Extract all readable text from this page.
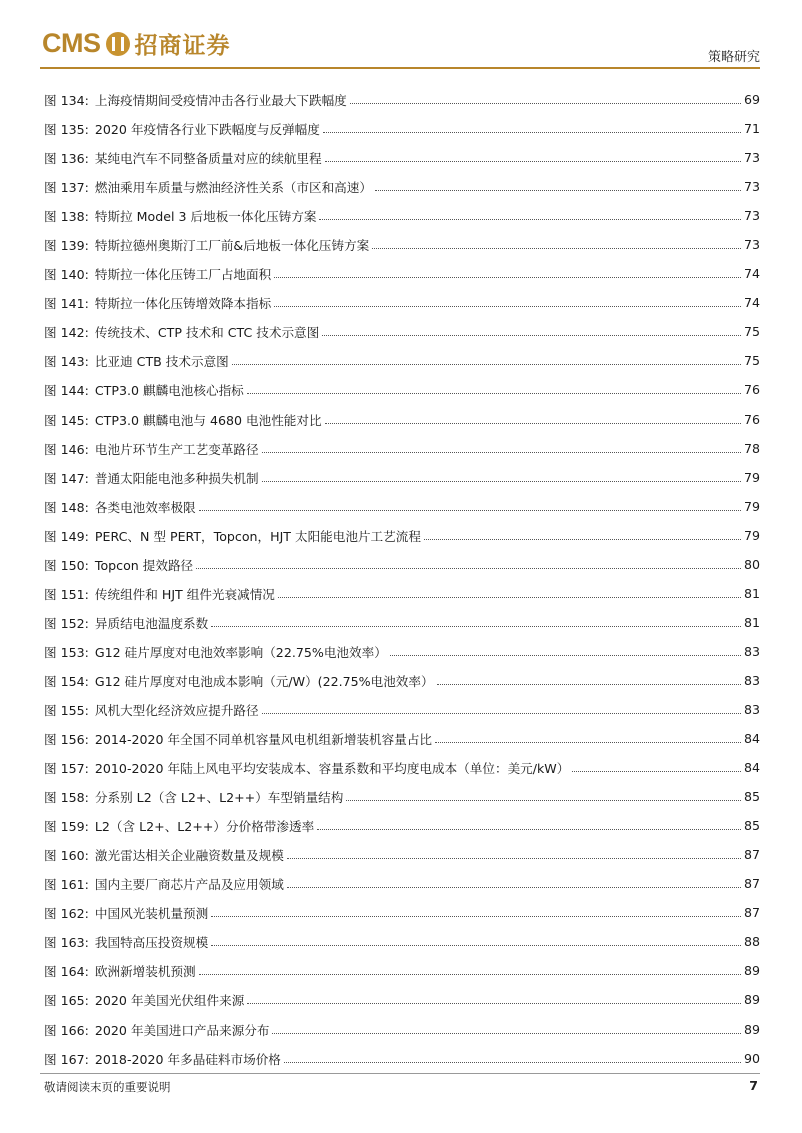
CMS 招商证券	策略研究
图 134: 上海疫情期间受疫情冲击各行业最大下跌幅度	69
图 135: 2020 年疫情各行业下跌幅度与反弹幅度	71
图 136: 某纯电汽车不同整备质量对应的续航里程	73
图 137: 燃油乘用车质量与燃油经济性关系（市区和高速）	73
图 138: 特斯拉 Model 3 后地板一体化压铸方案	73
图 139: 特斯拉德州奥斯汀工厂前&后地板一体化压铸方案	73
图 140: 特斯拉一体化压铸工厂占地面积	74
图 141: 特斯拉一体化压铸增效降本指标	74
图 142: 传统技术、CTP 技术和 CTC 技术示意图	75
图 143: 比亚迪 CTB 技术示意图	75
图 144: CTP3.0 麒麟电池核心指标	76
图 145: CTP3.0 麒麟电池与 4680 电池性能对比	76
图 146: 电池片环节生产工艺变革路径	78
图 147: 普通太阳能电池多种损失机制	79
图 148: 各类电池效率极限	79
图 149: PERC、N 型 PERT，Topcon，HJT 太阳能电池片工艺流程	79
图 150: Topcon 提效路径	80
图 151: 传统组件和 HJT 组件光衰减情况	81
图 152: 异质结电池温度系数	81
图 153: G12 硅片厚度对电池效率影响（22.75%电池效率）	83
图 154: G12 硅片厚度对电池成本影响（元/W）(22.75%电池效率）	83
图 155: 风机大型化经济效应提升路径	83
图 156: 2014-2020 年全国不同单机容量风电机组新增装机容量占比	84
图 157: 2010-2020 年陆上风电平均安装成本、容量系数和平均度电成本（单位：美元/kW）	84
图 158: 分系别 L2（含 L2+、L2++）车型销量结构	85
图 159: L2（含 L2+、L2++）分价格带渗透率	85
图 160: 激光雷达相关企业融资数量及规模	87
图 161: 国内主要厂商芯片产品及应用领域	87
图 162: 中国风光装机量预测	87
图 163: 我国特高压投资规模	88
图 164: 欧洲新增装机预测	89
图 165: 2020 年美国光伏组件来源	89
图 166: 2020 年美国进口产品来源分布	89
图 167: 2018-2020 年多晶硅料市场价格	90
敬请阅读末页的重要说明	7
